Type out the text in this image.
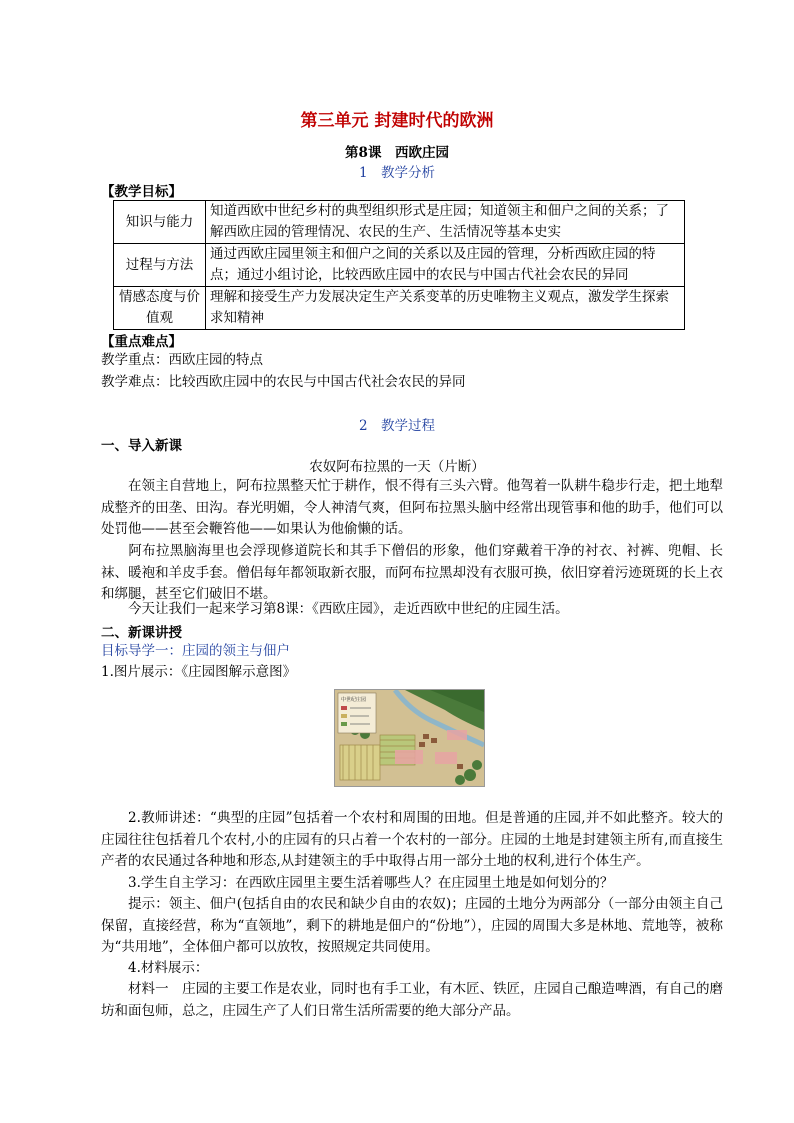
第三单元 封建时代的欧洲
第8课　西欧庄园
1　教学分析
【教学目标】
知识与能力	知道西欧中世纪乡村的典型组织形式是庄园；知道领主和佃户之间的关系；了解西欧庄园的管理情况、农民的生产、生活情况等基本史实
过程与方法	通过西欧庄园里领主和佃户之间的关系以及庄园的管理，分析西欧庄园的特点；通过小组讨论，比较西欧庄园中的农民与中国古代社会农民的异同
情感态度与价值观	理解和接受生产力发展决定生产关系变革的历史唯物主义观点，激发学生探索求知精神
【重点难点】
教学重点：西欧庄园的特点
教学难点：比较西欧庄园中的农民与中国古代社会农民的异同
2　教学过程
一、导入新课
农奴阿布拉黑的一天（片断）
在领主自营地上，阿布拉黑整天忙于耕作，恨不得有三头六臂。他驾着一队耕牛稳步行走，把土地犁成整齐的田垄、田沟。春光明媚，令人神清气爽，但阿布拉黑头脑中经常出现管事和他的助手，他们可以处罚他——甚至会鞭笞他——如果认为他偷懒的话。
阿布拉黑脑海里也会浮现修道院长和其手下僧侣的形象，他们穿戴着干净的衬衣、衬裤、兜帽、长袜、暖袍和羊皮手套。僧侣每年都领取新衣服，而阿布拉黑却没有衣服可换，依旧穿着污迹斑斑的长上衣和绑腿，甚至它们破旧不堪。
今天让我们一起来学习第8课：《西欧庄园》，走近西欧中世纪的庄园生活。
二、新课讲授
目标导学一：庄园的领主与佃户
1.图片展示：《庄园图解示意图》
中世纪庄园
2.教师讲述：“典型的庄园”包括着一个农村和周围的田地。但是普通的庄园,并不如此整齐。较大的庄园往往包括着几个农村,小的庄园有的只占着一个农村的一部分。庄园的土地是封建领主所有,而直接生产者的农民通过各种地和形态,从封建领主的手中取得占用一部分土地的权利,进行个体生产。
3.学生自主学习：在西欧庄园里主要生活着哪些人？在庄园里土地是如何划分的？
提示：领主、佃户(包括自由的农民和缺少自由的农奴)；庄园的土地分为两部分（一部分由领主自己保留，直接经营，称为“直领地”，剩下的耕地是佃户的“份地”），庄园的周围大多是林地、荒地等，被称为“共用地”，全体佃户都可以放牧，按照规定共同使用。
4.材料展示：
材料一　庄园的主要工作是农业，同时也有手工业，有木匠、铁匠，庄园自己酿造啤酒，有自己的磨坊和面包师，总之，庄园生产了人们日常生活所需要的绝大部分产品。
